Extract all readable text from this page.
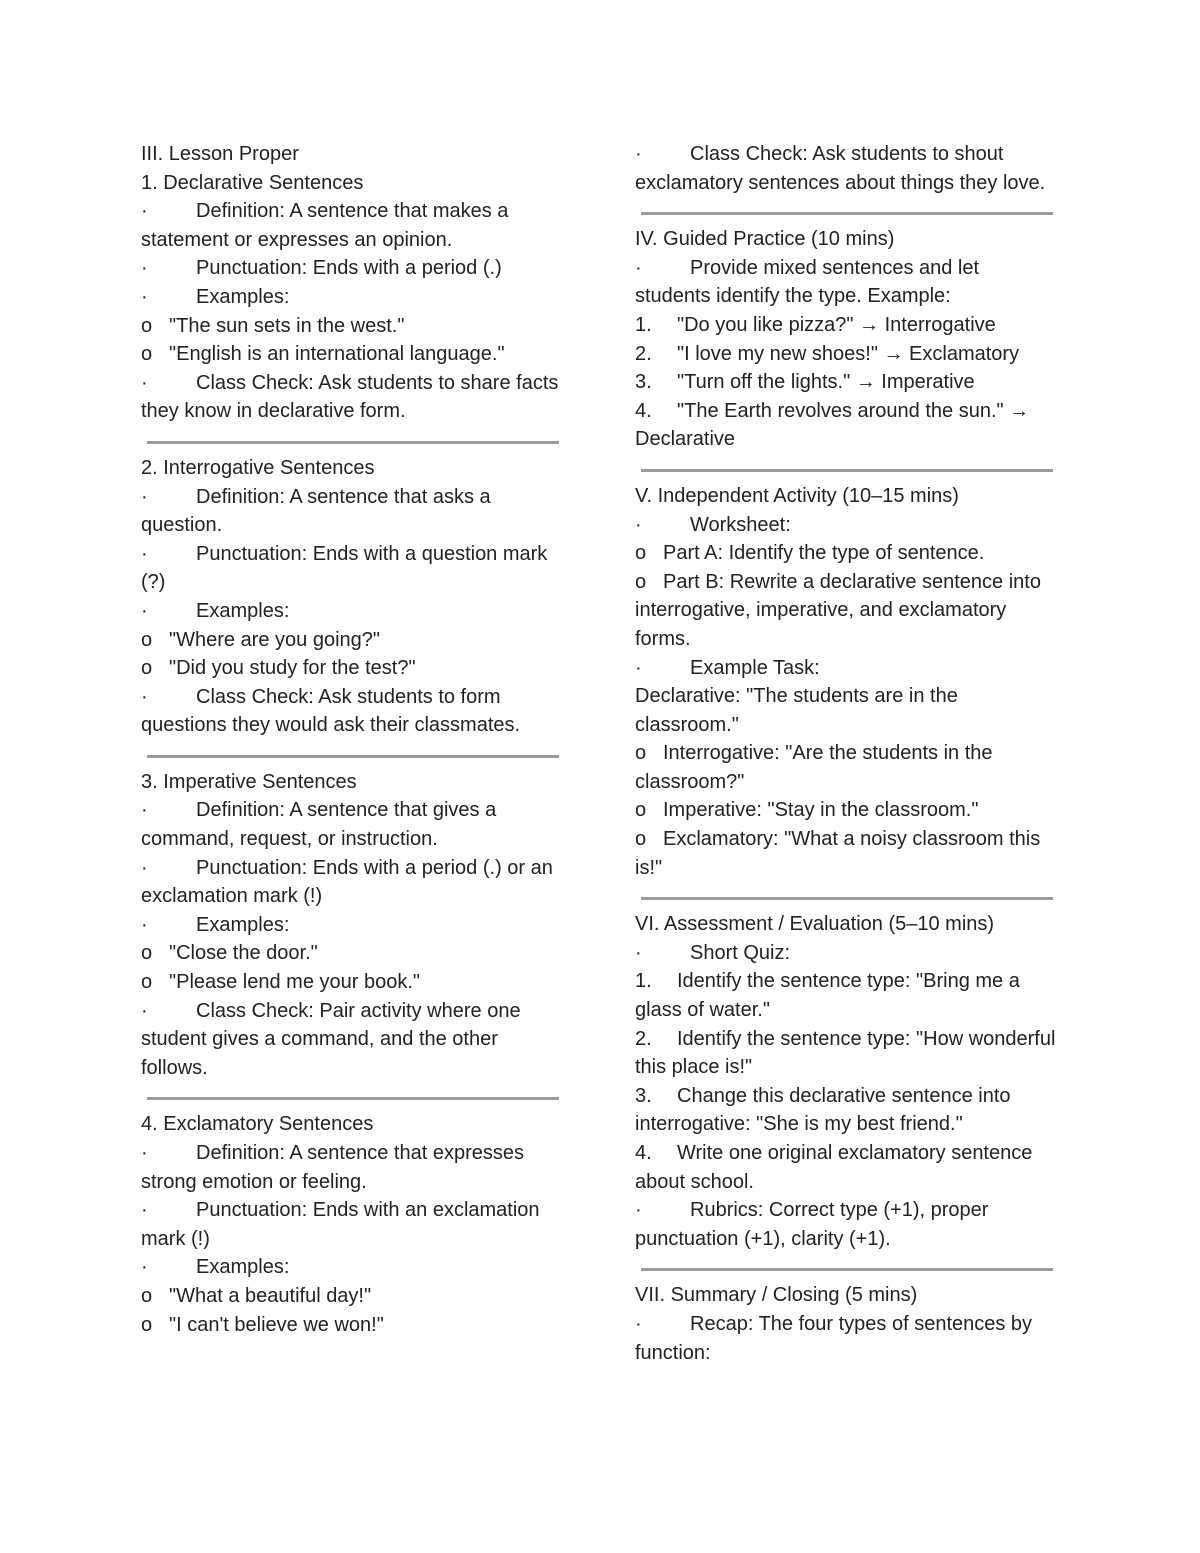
III. Lesson Proper

1. Declarative Sentences

· Definition: A sentence that makes a statement or expresses an opinion.

· Punctuation: Ends with a period (.)

· Examples:

o "The sun sets in the west."

o "English is an international language."

· Class Check: Ask students to share facts they know in declarative form.

2. Interrogative Sentences

· Definition: A sentence that asks a question.

· Punctuation: Ends with a question mark (?)

· Examples:

o "Where are you going?"

o "Did you study for the test?"

· Class Check: Ask students to form questions they would ask their classmates.

3. Imperative Sentences

· Definition: A sentence that gives a command, request, or instruction.

· Punctuation: Ends with a period (.) or an exclamation mark (!)

· Examples:

o "Close the door."

o "Please lend me your book."

· Class Check: Pair activity where one student gives a command, and the other follows.

4. Exclamatory Sentences

· Definition: A sentence that expresses strong emotion or feeling.

· Punctuation: Ends with an exclamation mark (!)

· Examples:

o "What a beautiful day!"

o "I can't believe we won!"

· Class Check: Ask students to shout exclamatory sentences about things they love.

IV. Guided Practice (10 mins)

· Provide mixed sentences and let students identify the type. Example:

1. "Do you like pizza?" → Interrogative

2. "I love my new shoes!" → Exclamatory

3. "Turn off the lights." → Imperative

4. "The Earth revolves around the sun." → Declarative

V. Independent Activity (10–15 mins)

· Worksheet:

o Part A: Identify the type of sentence.

o Part B: Rewrite a declarative sentence into interrogative, imperative, and exclamatory forms.

· Example Task:

Declarative: "The students are in the classroom."

o Interrogative: "Are the students in the classroom?"

o Imperative: "Stay in the classroom."

o Exclamatory: "What a noisy classroom this is!"

VI. Assessment / Evaluation (5–10 mins)

· Short Quiz:

1. Identify the sentence type: "Bring me a glass of water."

2. Identify the sentence type: "How wonderful this place is!"

3. Change this declarative sentence into interrogative: "She is my best friend."

4. Write one original exclamatory sentence about school.

· Rubrics: Correct type (+1), proper punctuation (+1), clarity (+1).

VII. Summary / Closing (5 mins)

· Recap: The four types of sentences by function:
